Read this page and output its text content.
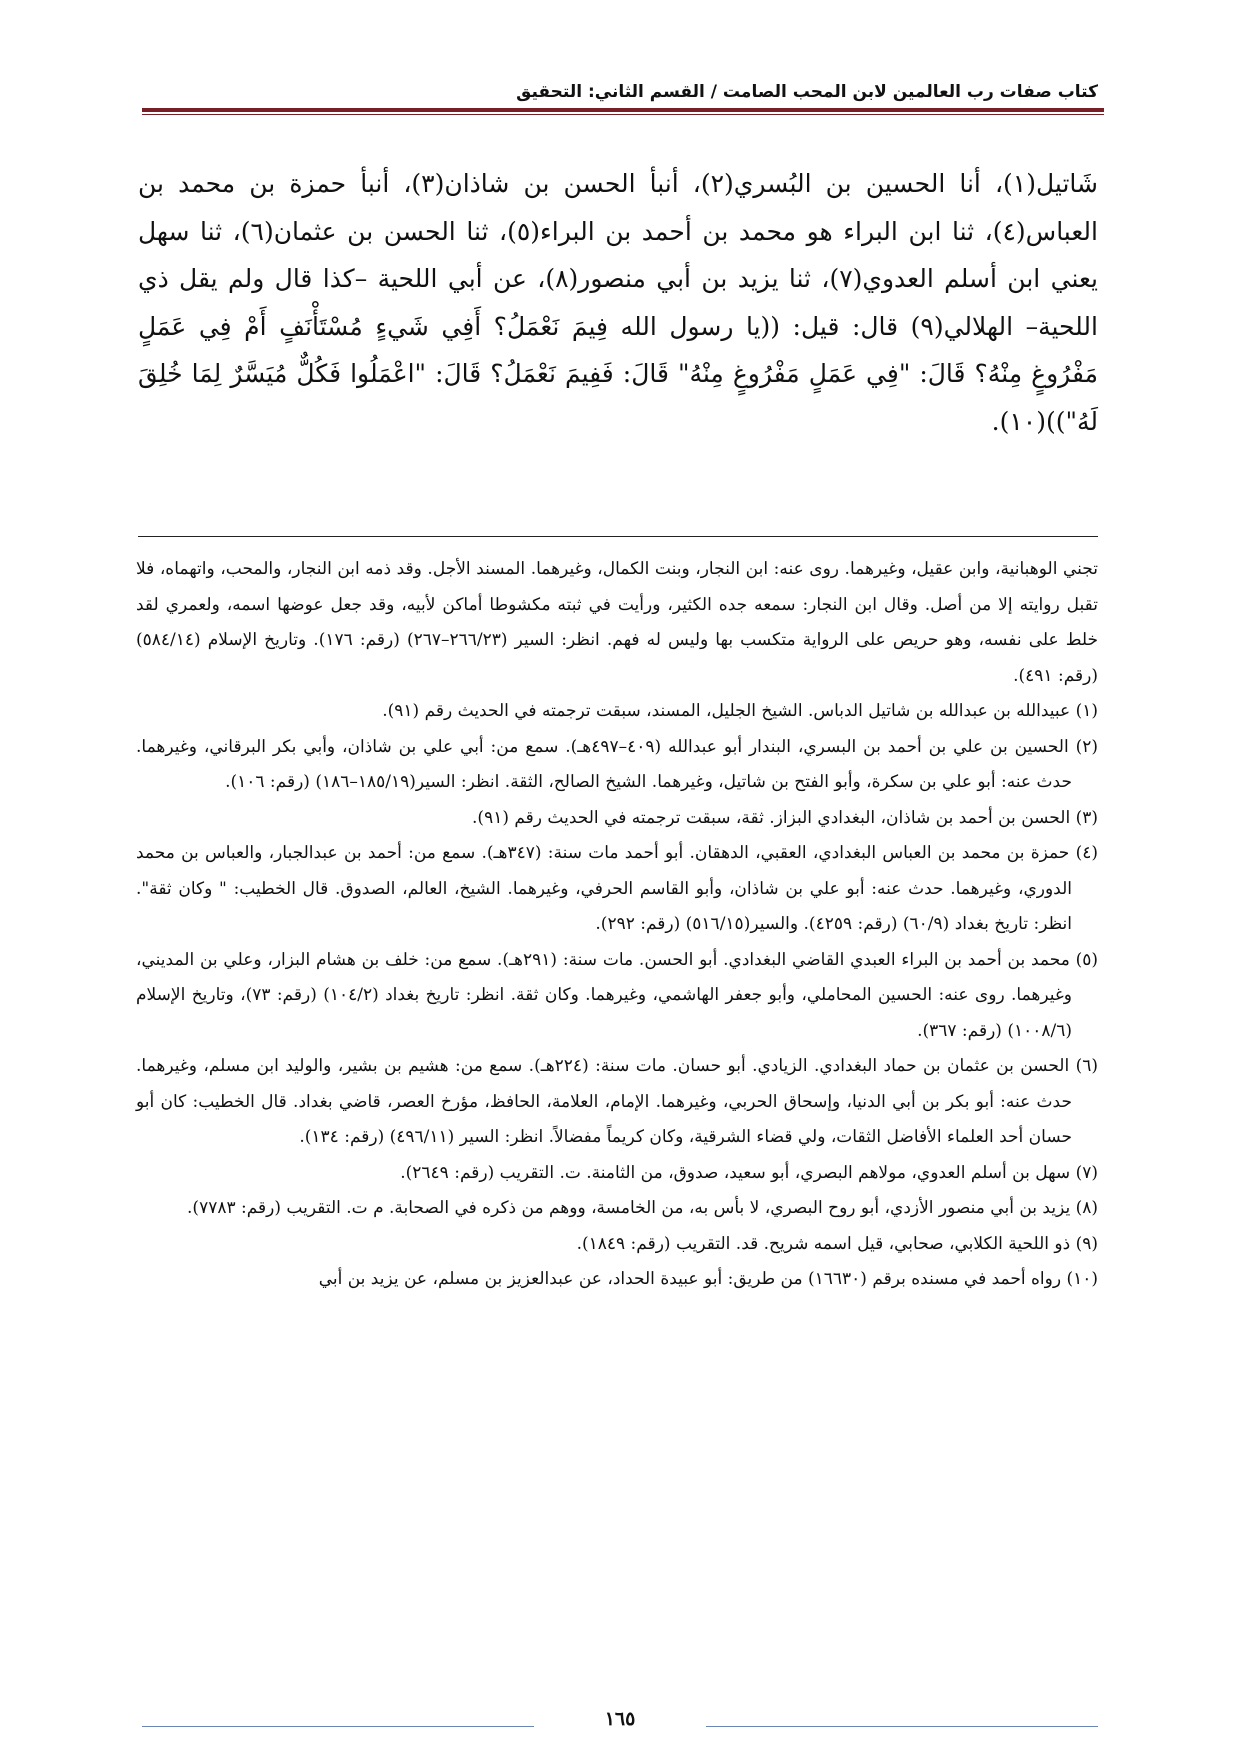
كتاب صفات رب العالمين لابن المحب الصامت / القسم الثاني: التحقيق

شَاتيل(١)، أنا الحسين بن البُسري(٢)، أنبأ الحسن بن شاذان(٣)، أنبأ حمزة بن محمد بن العباس(٤)، ثنا ابن البراء هو محمد بن أحمد بن البراء(٥)، ثنا الحسن بن عثمان(٦)، ثنا سهل يعني ابن أسلم العدوي(٧)، ثنا يزيد بن أبي منصور(٨)، عن أبي اللحية –كذا قال ولم يقل ذي اللحية– الهلالي(٩) قال: قيل: ((يا رسول الله فِيمَ نَعْمَلُ؟ أَفِي شَيءٍ مُسْتَأْنَفٍ أَمْ فِي عَمَلٍ مَفْرُوغٍ مِنْهُ؟ قَالَ: "فِي عَمَلٍ مَفْرُوغٍ مِنْهُ" قَالَ: فَفِيمَ نَعْمَلُ؟ قَالَ: "اعْمَلُوا فَكُلٌّ مُيَسَّرٌ لِمَا خُلِقَ لَهُ"))(١٠).

تجني الوهبانية، وابن عقيل، وغيرهما. روى عنه: ابن النجار، وبنت الكمال، وغيرهما. المسند الأجل. وقد ذمه ابن النجار، والمحب، واتهماه، فلا تقبل روايته إلا من أصل. وقال ابن النجار: سمعه جده الكثير، ورأيت في ثبته مكشوطا أماكن لأبيه، وقد جعل عوضها اسمه، ولعمري لقد خلط على نفسه، وهو حريص على الرواية متكسب بها وليس له فهم. انظر: السير (٢٦٦/٢٣–٢٦٧) (رقم: ١٧٦). وتاريخ الإسلام (٥٨٤/١٤) (رقم: ٤٩١).

(١) عبيدالله بن عبدالله بن شاتيل الدباس. الشيخ الجليل، المسند، سبقت ترجمته في الحديث رقم (٩١).

(٢) الحسين بن علي بن أحمد بن البسري، البندار أبو عبدالله (٤٠٩–٤٩٧هـ). سمع من: أبي علي بن شاذان، وأبي بكر البرقاني، وغيرهما. حدث عنه: أبو علي بن سكرة، وأبو الفتح بن شاتيل، وغيرهما. الشيخ الصالح، الثقة. انظر: السير(١٨٥/١٩–١٨٦) (رقم: ١٠٦).

(٣) الحسن بن أحمد بن شاذان، البغدادي البزاز. ثقة، سبقت ترجمته في الحديث رقم (٩١).

(٤) حمزة بن محمد بن العباس البغدادي، العقبي، الدهقان. أبو أحمد مات سنة: (٣٤٧هـ). سمع من: أحمد بن عبدالجبار، والعباس بن محمد الدوري، وغيرهما. حدث عنه: أبو علي بن شاذان، وأبو القاسم الحرفي، وغيرهما. الشيخ، العالم، الصدوق. قال الخطيب: " وكان ثقة". انظر: تاريخ بغداد (٦٠/٩) (رقم: ٤٢٥٩). والسير(٥١٦/١٥) (رقم: ٢٩٢).

(٥) محمد بن أحمد بن البراء العبدي القاضي البغدادي. أبو الحسن. مات سنة: (٢٩١هـ). سمع من: خلف بن هشام البزار، وعلي بن المديني، وغيرهما. روى عنه: الحسين المحاملي، وأبو جعفر الهاشمي، وغيرهما. وكان ثقة. انظر: تاريخ بغداد (١٠٤/٢) (رقم: ٧٣)، وتاريخ الإسلام (١٠٠٨/٦) (رقم: ٣٦٧).

(٦) الحسن بن عثمان بن حماد البغدادي. الزيادي. أبو حسان. مات سنة: (٢٢٤هـ). سمع من: هشيم بن بشير، والوليد ابن مسلم، وغيرهما. حدث عنه: أبو بكر بن أبي الدنيا، وإسحاق الحربي، وغيرهما. الإمام، العلامة، الحافظ، مؤرخ العصر، قاضي بغداد. قال الخطيب: كان أبو حسان أحد العلماء الأفاضل الثقات، ولي قضاء الشرقية، وكان كريماً مفضالاً. انظر: السير (٤٩٦/١١) (رقم: ١٣٤).

(٧) سهل بن أسلم العدوي، مولاهم البصري، أبو سعيد، صدوق، من الثامنة. ت. التقريب (رقم: ٢٦٤٩).

(٨) يزيد بن أبي منصور الأزدي، أبو روح البصري، لا بأس به، من الخامسة، ووهم من ذكره في الصحابة. م ت. التقريب (رقم: ٧٧٨٣).

(٩) ذو اللحية الكلابي، صحابي، قيل اسمه شريح. قد. التقريب (رقم: ١٨٤٩).

(١٠) رواه أحمد في مسنده برقم (١٦٦٣٠) من طريق: أبو عبيدة الحداد، عن عبدالعزيز بن مسلم، عن يزيد بن أبي

١٦٥
